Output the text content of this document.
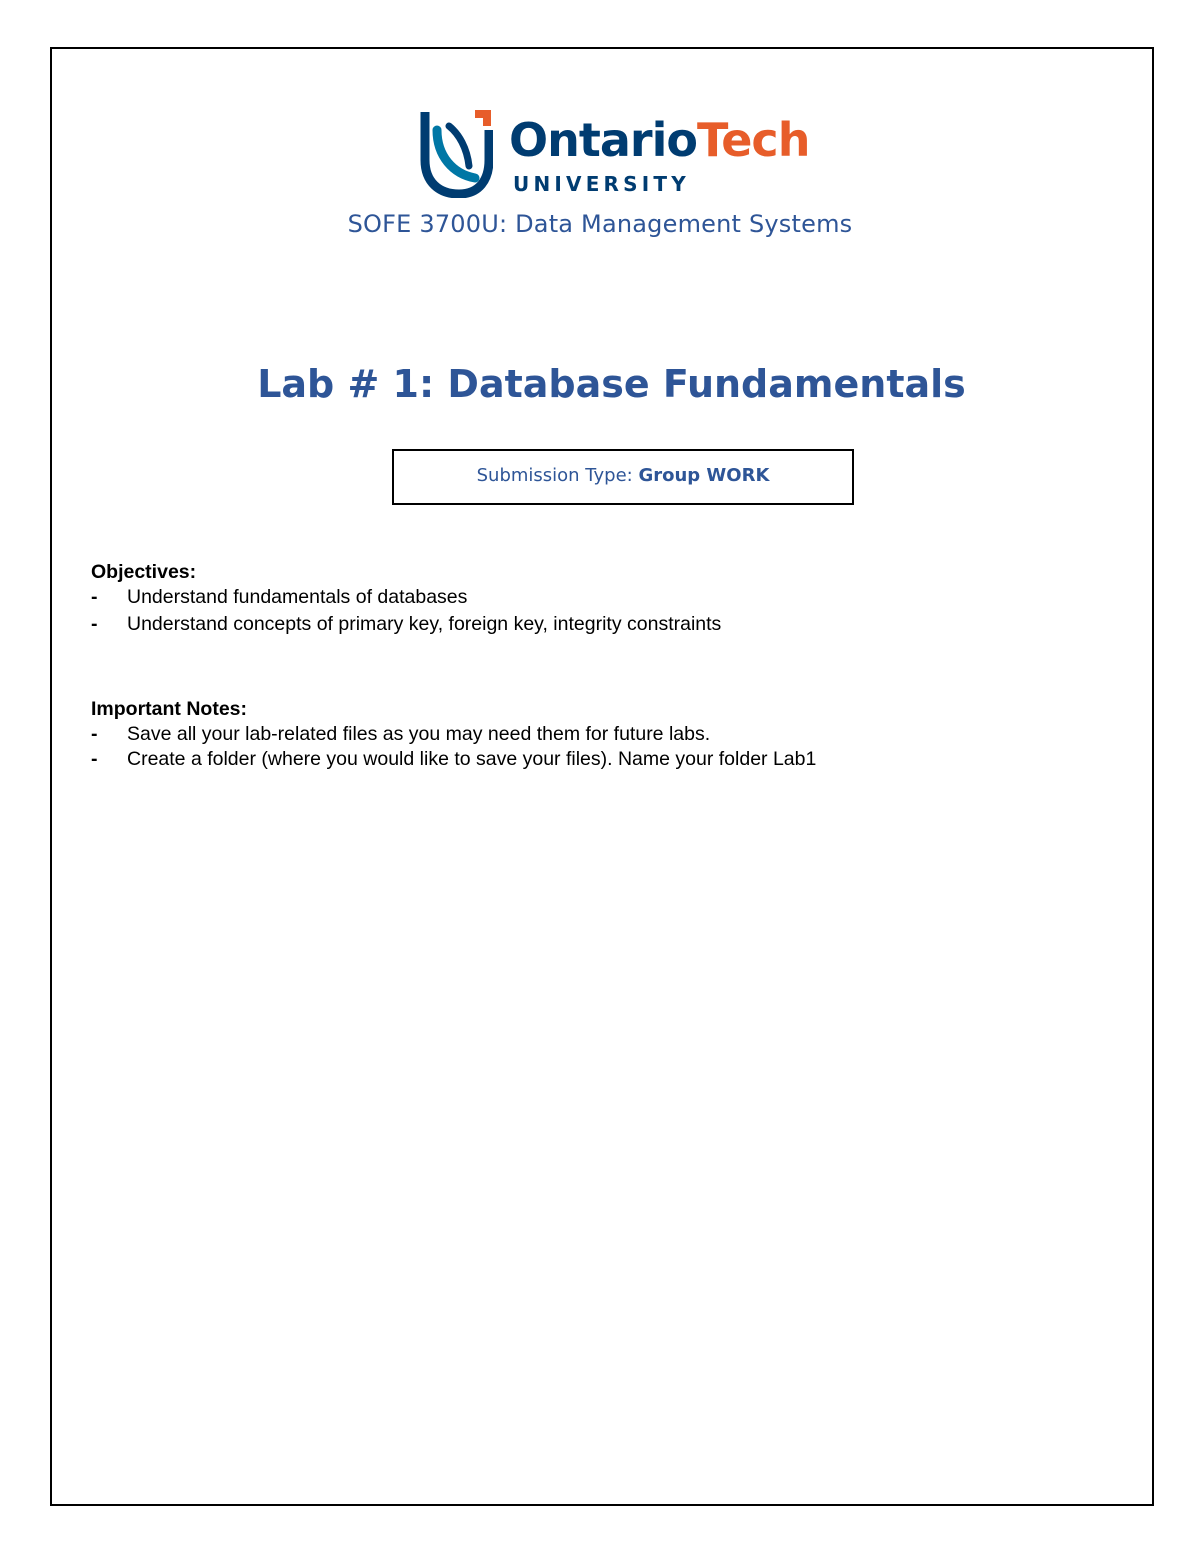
OntarioTech
UNIVERSITY
SOFE 3700U: Data Management Systems
Lab # 1: Database Fundamentals
Submission Type: Group WORK
Objectives:
- Understand fundamentals of databases
- Understand concepts of primary key, foreign key, integrity constraints
Important Notes:
- Save all your lab-related files as you may need them for future labs.
- Create a folder (where you would like to save your files). Name your folder Lab1
